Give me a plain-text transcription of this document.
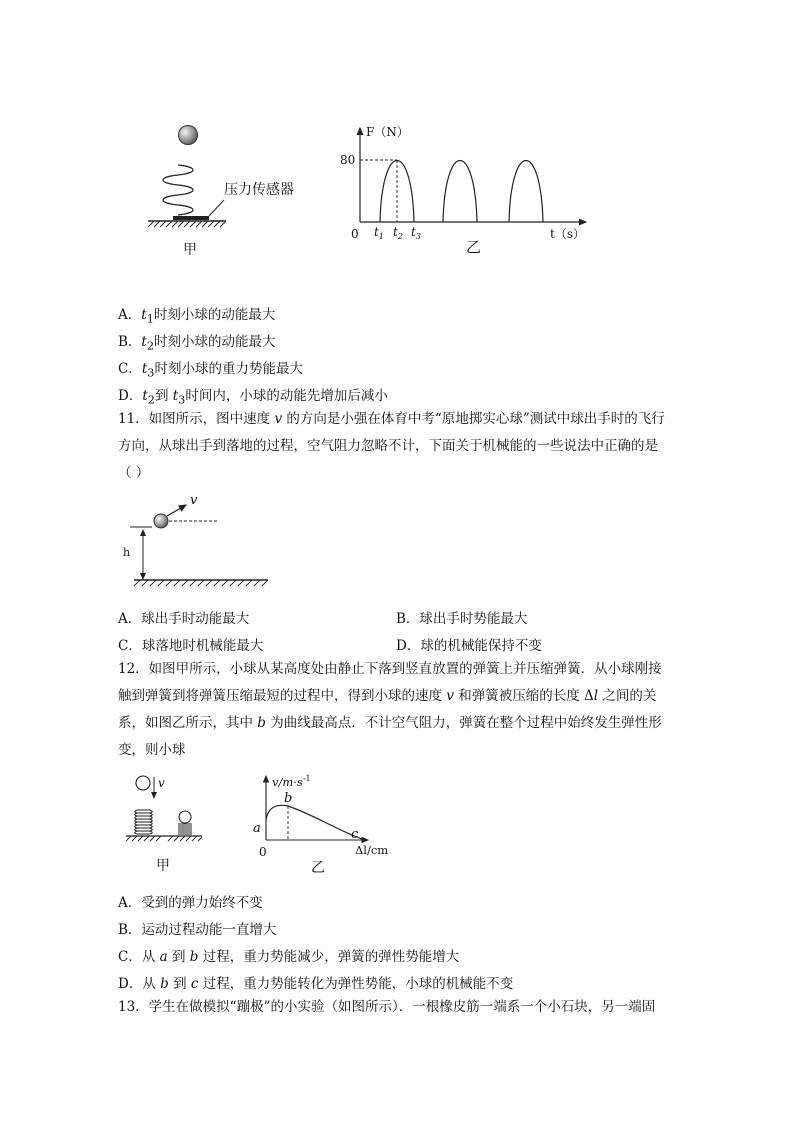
压力传感器
甲
F（N）
t（s）
0
80
$t_1$ $t_2$ $t_3$
乙
A．$t_1$时刻小球的动能最大
B．$t_2$时刻小球的动能最大
C．$t_3$时刻小球的重力势能最大
D．$t_2$到 $t_3$时间内，小球的动能先增加后减小
11．如图所示，图中速度 v 的方向是小强在体育中考“原地掷实心球”测试中球出手时的飞行
方向，从球出手到落地的过程，空气阻力忽略不计，下面关于机械能的一些说法中正确的是
（ ）
h
v
A．球出手时动能最大	B．球出手时势能最大
C．球落地时机械能最大	D．球的机械能保持不变
12．如图甲所示，小球从某高度处由静止下落到竖直放置的弹簧上并压缩弹簧．从小球刚接
触到弹簧到将弹簧压缩最短的过程中，得到小球的速度 v 和弹簧被压缩的长度 Δl 之间的关
系，如图乙所示，其中 b 为曲线最高点．不计空气阻力，弹簧在整个过程中始终发生弹性形
变，则小球
v
甲
$v/m\cdot s^{-1}$
Δl/cm
0
a
b
c
乙
A．受到的弹力始终不变
B．运动过程动能一直增大
C．从 a 到 b 过程，重力势能减少，弹簧的弹性势能增大
D．从 b 到 c 过程，重力势能转化为弹性势能，小球的机械能不变
13．学生在做模拟“蹦极”的小实验（如图所示）．一根橡皮筋一端系一个小石块，另一端固
